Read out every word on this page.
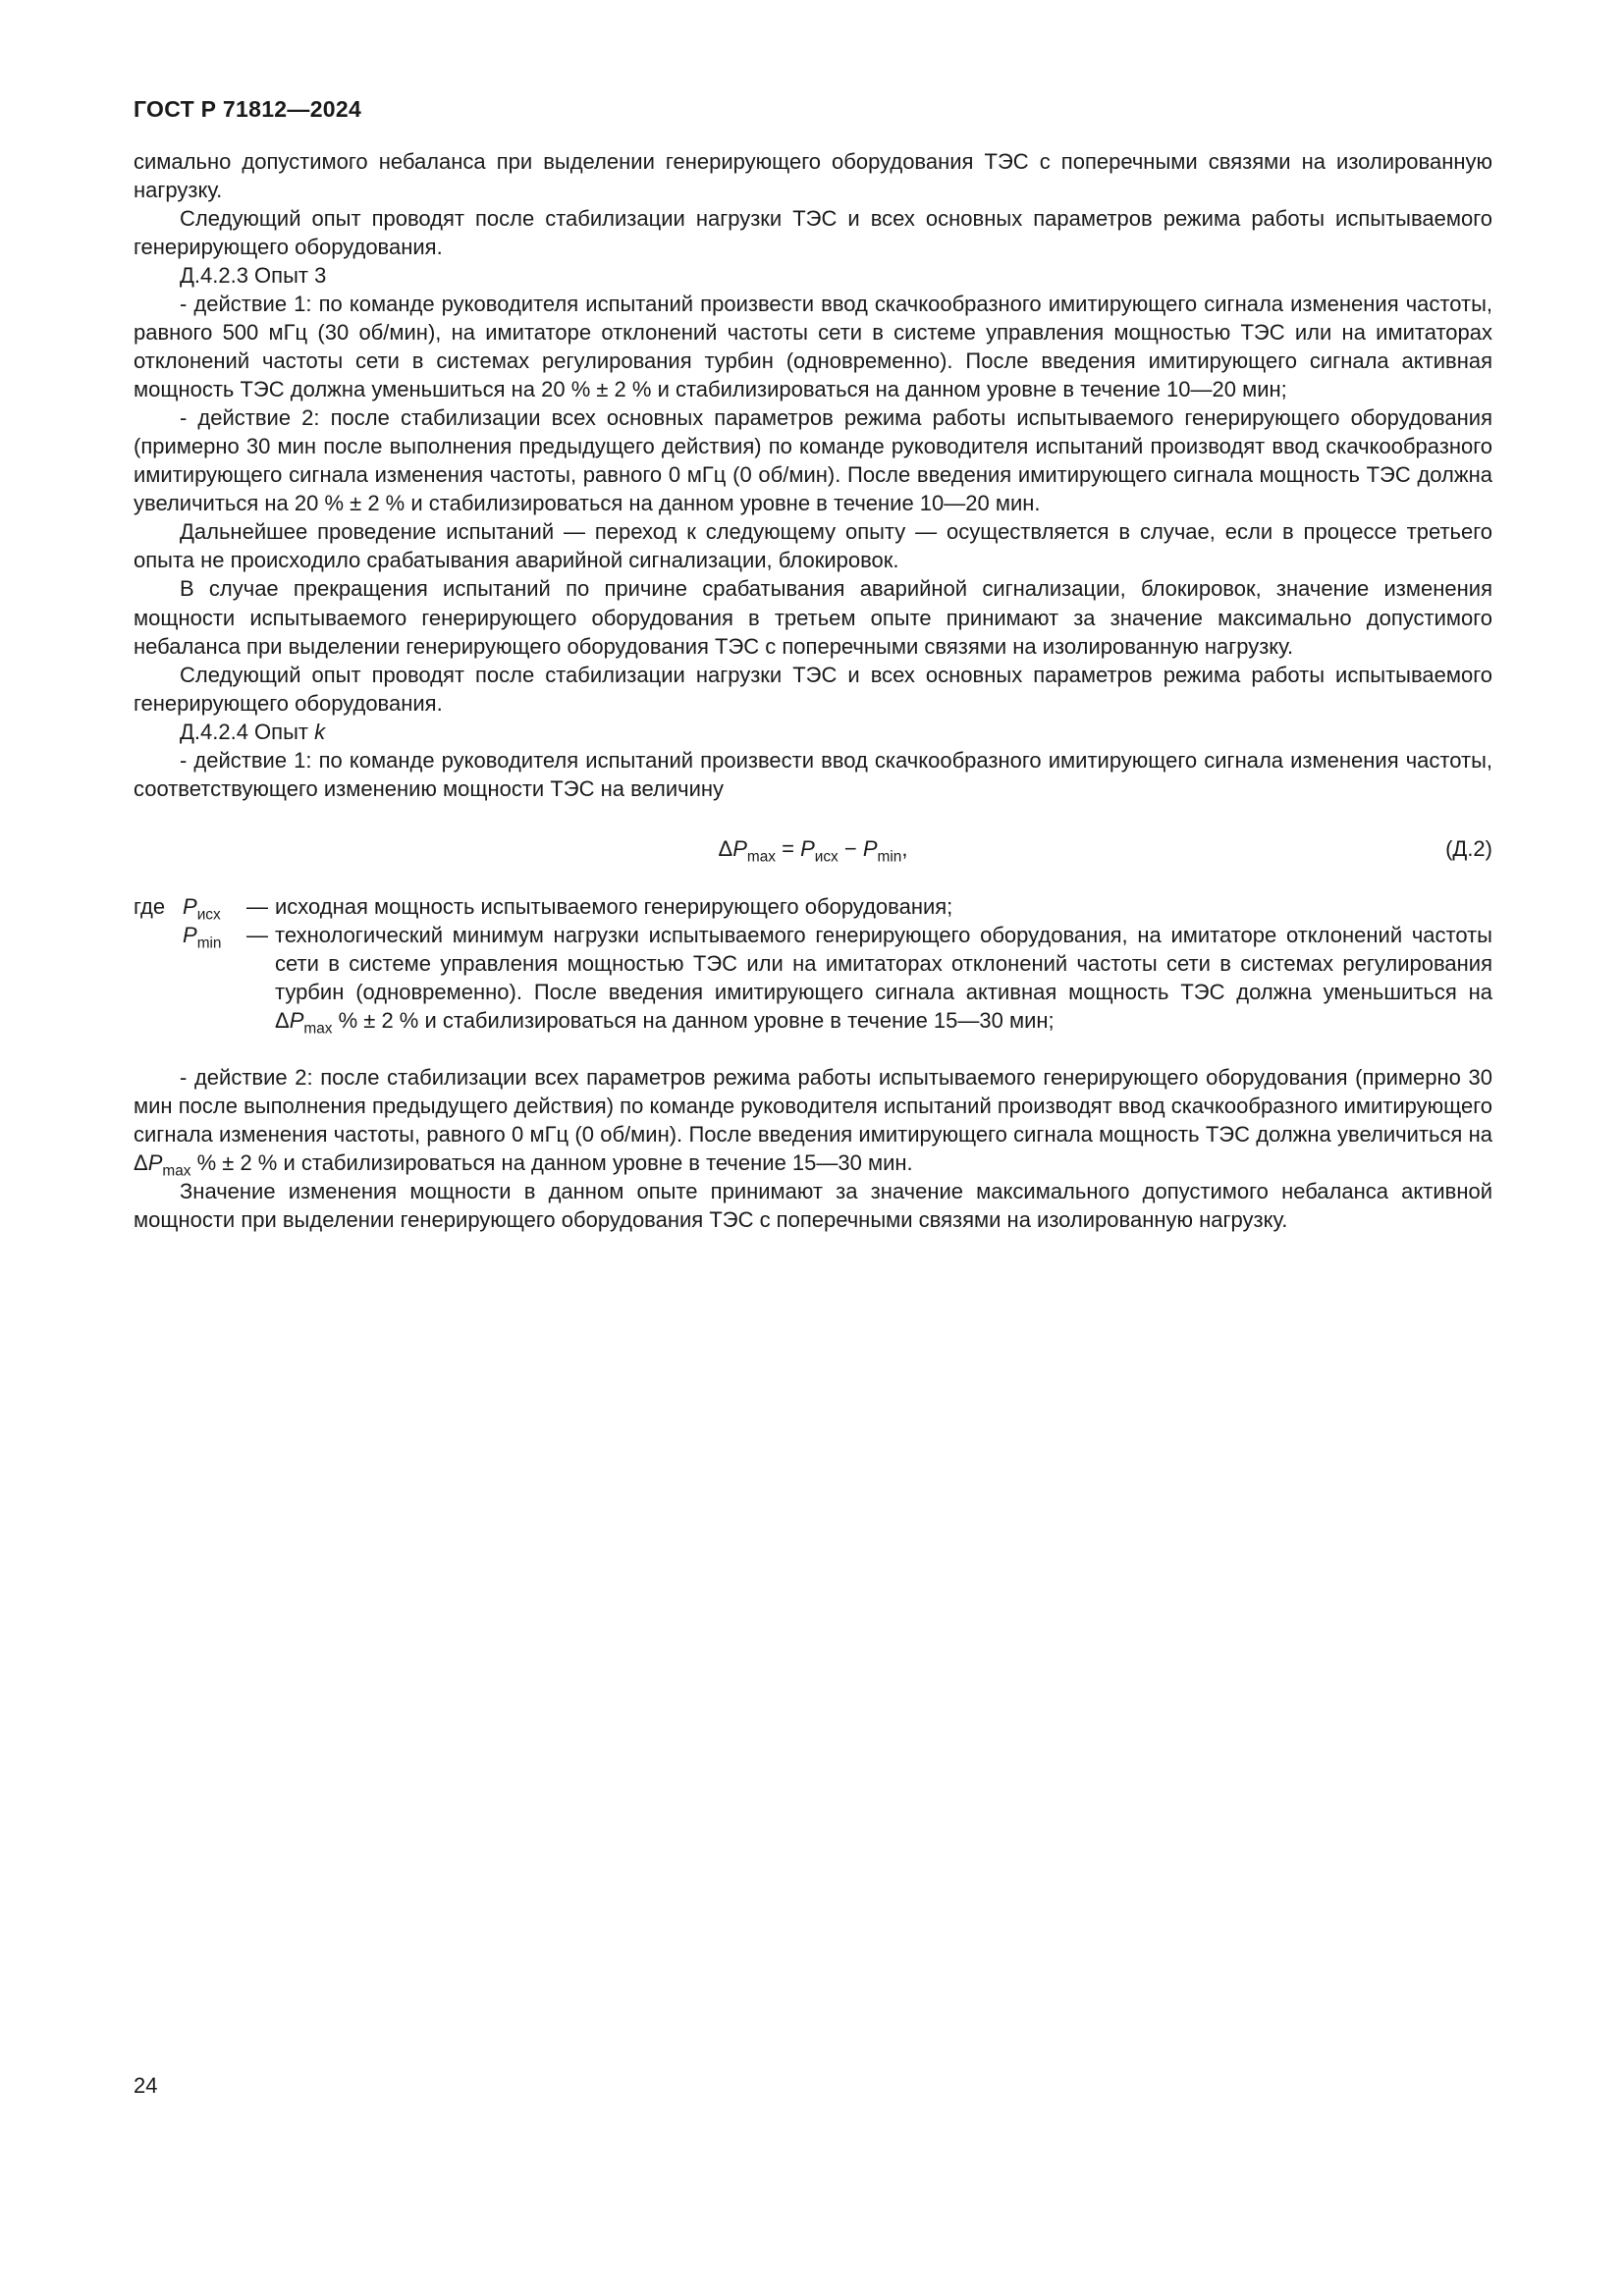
ГОСТ Р 71812—2024

симально допустимого небаланса при выделении генерирующего оборудования ТЭС с поперечными связями на изолированную нагрузку.

Следующий опыт проводят после стабилизации нагрузки ТЭС и всех основных параметров режима работы испытываемого генерирующего оборудования.

Д.4.2.3 Опыт 3

- действие 1: по команде руководителя испытаний произвести ввод скачкообразного имитирующего сигнала изменения частоты, равного 500 мГц (30 об/мин), на имитаторе отклонений частоты сети в системе управления мощностью ТЭС или на имитаторах отклонений частоты сети в системах регулирования турбин (одновременно). После введения имитирующего сигнала активная мощность ТЭС должна уменьшиться на 20 % ± 2 % и стабилизироваться на данном уровне в течение 10—20 мин;

- действие 2: после стабилизации всех основных параметров режима работы испытываемого генерирующего оборудования (примерно 30 мин после выполнения предыдущего действия) по команде руководителя испытаний производят ввод скачкообразного имитирующего сигнала изменения частоты, равного 0 мГц (0 об/мин). После введения имитирующего сигнала мощность ТЭС должна увеличиться на 20 % ± 2 % и стабилизироваться на данном уровне в течение 10—20 мин.

Дальнейшее проведение испытаний — переход к следующему опыту — осуществляется в случае, если в процессе третьего опыта не происходило срабатывания аварийной сигнализации, блокировок.

В случае прекращения испытаний по причине срабатывания аварийной сигнализации, блокировок, значение изменения мощности испытываемого генерирующего оборудования в третьем опыте принимают за значение максимально допустимого небаланса при выделении генерирующего оборудования ТЭС с поперечными связями на изолированную нагрузку.

Следующий опыт проводят после стабилизации нагрузки ТЭС и всех основных параметров режима работы испытываемого генерирующего оборудования.

Д.4.2.4 Опыт k

- действие 1: по команде руководителя испытаний произвести ввод скачкообразного имитирующего сигнала изменения частоты, соответствующего изменению мощности ТЭС на величину

$\Delta P_{max} = P_{исх} - P_{min}$,	(Д.2)
где $P_{исх}$	— исходная мощность испытываемого генерирующего оборудования;
$P_{min}$	— технологический минимум нагрузки испытываемого генерирующего оборудования, на имитаторе отклонений частоты сети в системе управления мощностью ТЭС или на имитаторах отклонений частоты сети в системах регулирования турбин (одновременно). После введения имитирующего сигнала активная мощность ТЭС должна уменьшиться на $\Delta P_{max}$ % ± 2 % и стабилизироваться на данном уровне в течение 15—30 мин;

- действие 2: после стабилизации всех параметров режима работы испытываемого генерирующего оборудования (примерно 30 мин после выполнения предыдущего действия) по команде руководителя испытаний производят ввод скачкообразного имитирующего сигнала изменения частоты, равного 0 мГц (0 об/мин). После введения имитирующего сигнала мощность ТЭС должна увеличиться на $\Delta P_{max}$ % ± 2 % и стабилизироваться на данном уровне в течение 15—30 мин.

Значение изменения мощности в данном опыте принимают за значение максимального допустимого небаланса активной мощности при выделении генерирующего оборудования ТЭС с поперечными связями на изолированную нагрузку.

24
